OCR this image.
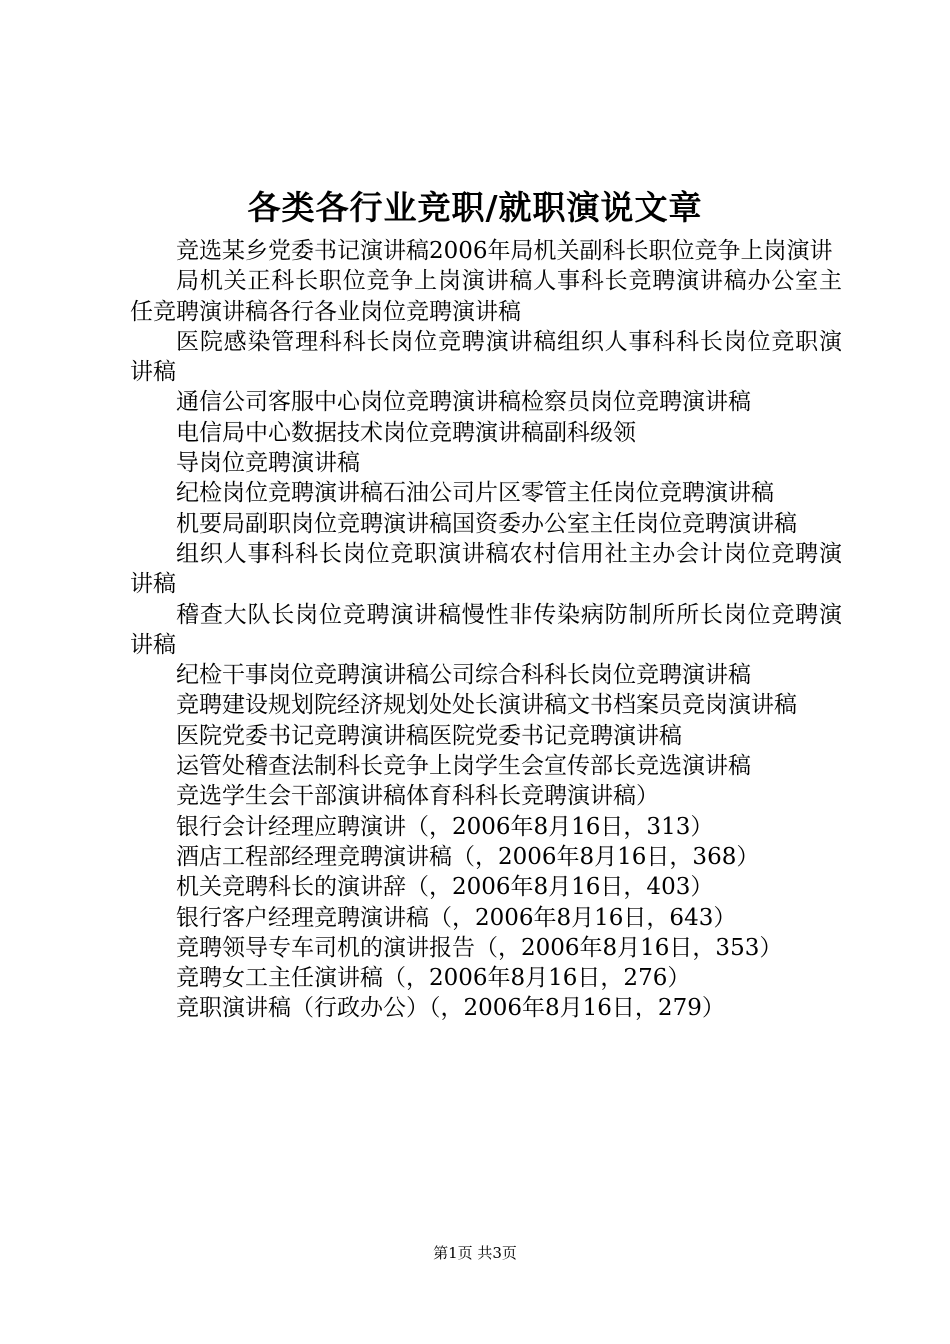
各类各行业竞职/就职演说文章

竞选某乡党委书记演讲稿2006年局机关副科长职位竞争上岗演讲

局机关正科长职位竞争上岗演讲稿人事科长竞聘演讲稿办公室主任竞聘演讲稿各行各业岗位竞聘演讲稿

医院感染管理科科长岗位竞聘演讲稿组织人事科科长岗位竞职演讲稿

通信公司客服中心岗位竞聘演讲稿检察员岗位竞聘演讲稿

电信局中心数据技术岗位竞聘演讲稿副科级领

导岗位竞聘演讲稿

纪检岗位竞聘演讲稿石油公司片区零管主任岗位竞聘演讲稿

机要局副职岗位竞聘演讲稿国资委办公室主任岗位竞聘演讲稿

组织人事科科长岗位竞职演讲稿农村信用社主办会计岗位竞聘演讲稿

稽查大队长岗位竞聘演讲稿慢性非传染病防制所所长岗位竞聘演讲稿

纪检干事岗位竞聘演讲稿公司综合科科长岗位竞聘演讲稿

竞聘建设规划院经济规划处处长演讲稿文书档案员竞岗演讲稿

医院党委书记竞聘演讲稿医院党委书记竞聘演讲稿

运管处稽查法制科长竞争上岗学生会宣传部长竞选演讲稿

竞选学生会干部演讲稿体育科科长竞聘演讲稿）

银行会计经理应聘演讲（，2006年8月16日，313）

酒店工程部经理竞聘演讲稿（，2006年8月16日，368）

机关竞聘科长的演讲辞（，2006年8月16日，403）

银行客户经理竞聘演讲稿（，2006年8月16日，643）

竞聘领导专车司机的演讲报告（，2006年8月16日，353）

竞聘女工主任演讲稿（，2006年8月16日，276）

竞职演讲稿（行政办公）（，2006年8月16日，279）

第1页 共3页
